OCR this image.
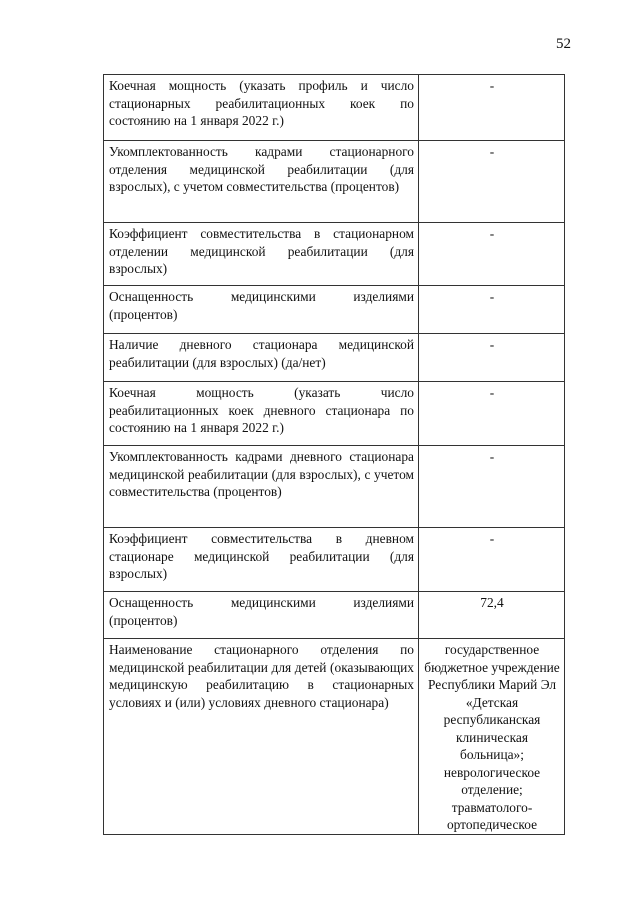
52
Коечная мощность (указать профиль и число стационарных реабилитационных коек по состоянию на 1 января 2022 г.)	-
Укомплектованность кадрами стационарного отделения медицинской реабилитации (для взрослых), с учетом совместительства (процентов)	-
Коэффициент совместительства в стационарном отделении медицинской реабилитации (для взрослых)	-
Оснащенность медицинскими изделиями (процентов)	-
Наличие дневного стационара медицинской реабилитации (для взрослых) (да/нет)	-
Коечная мощность (указать число реабилитационных коек дневного стационара по состоянию на 1 января 2022 г.)	-
Укомплектованность кадрами дневного стационара медицинской реабилитации (для взрослых), с учетом совместительства (процентов)	-
Коэффициент совместительства в дневном стационаре медицинской реабилитации (для взрослых)	-
Оснащенность медицинскими изделиями (процентов)	72,4
Наименование стационарного отделения по медицинской реабилитации для детей (оказывающих медицинскую реабилитацию в стационарных условиях и (или) условиях дневного стационара)	государственное бюджетное учреждение Республики Марий Эл «Детская республиканская клиническая больница»; неврологическое отделение; травматолого-ортопедическое
